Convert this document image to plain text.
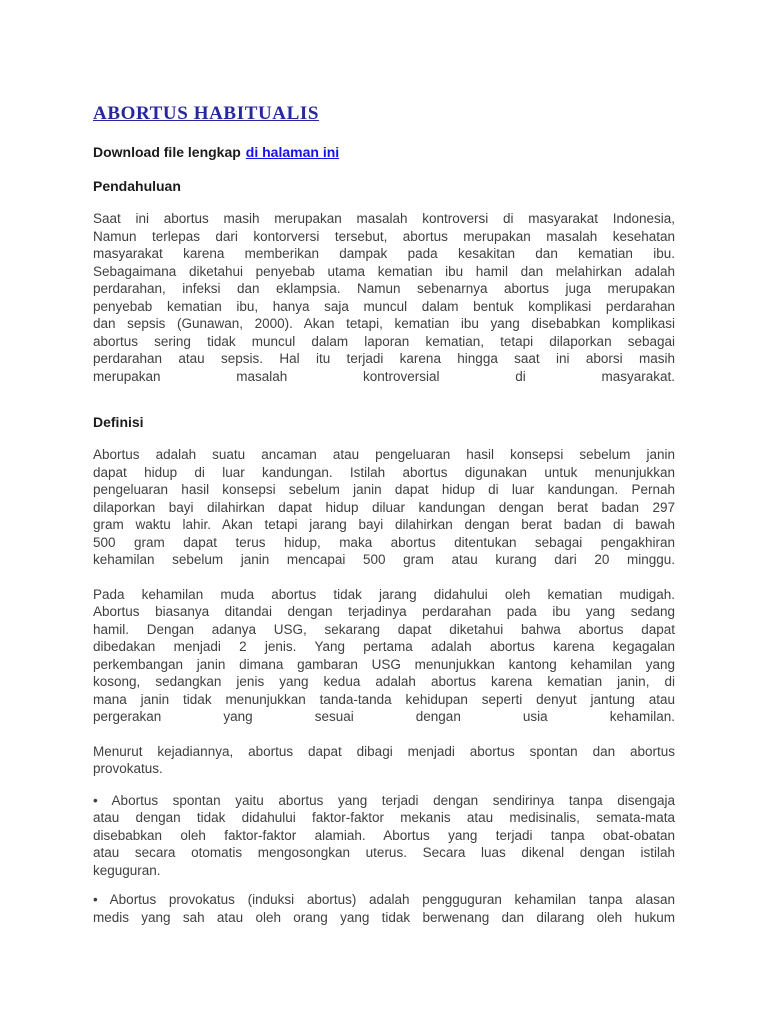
ABORTUS HABITUALIS

Download file lengkap di halaman ini

Pendahuluan
Saat ini abortus masih merupakan masalah kontroversi di masyarakat Indonesia,
Namun terlepas dari kontorversi tersebut, abortus merupakan masalah kesehatan
masyarakat karena memberikan dampak pada kesakitan dan kematian ibu.
Sebagaimana diketahui penyebab utama kematian ibu hamil dan melahirkan adalah
perdarahan, infeksi dan eklampsia. Namun sebenarnya abortus juga merupakan
penyebab kematian ibu, hanya saja muncul dalam bentuk komplikasi perdarahan
dan sepsis (Gunawan, 2000). Akan tetapi, kematian ibu yang disebabkan komplikasi
abortus sering tidak muncul dalam laporan kematian, tetapi dilaporkan sebagai
perdarahan atau sepsis. Hal itu terjadi karena hingga saat ini aborsi masih
merupakan masalah kontroversial di masyarakat.
Definisi
Abortus adalah suatu ancaman atau pengeluaran hasil konsepsi sebelum janin
dapat hidup di luar kandungan. Istilah abortus digunakan untuk menunjukkan
pengeluaran hasil konsepsi sebelum janin dapat hidup di luar kandungan. Pernah
dilaporkan bayi dilahirkan dapat hidup diluar kandungan dengan berat badan 297
gram waktu lahir. Akan tetapi jarang bayi dilahirkan dengan berat badan di bawah
500 gram dapat terus hidup, maka abortus ditentukan sebagai pengakhiran
kehamilan sebelum janin mencapai 500 gram atau kurang dari 20 minggu.
Pada kehamilan muda abortus tidak jarang didahului oleh kematian mudigah.
Abortus biasanya ditandai dengan terjadinya perdarahan pada ibu yang sedang
hamil. Dengan adanya USG, sekarang dapat diketahui bahwa abortus dapat
dibedakan menjadi 2 jenis. Yang pertama adalah abortus karena kegagalan
perkembangan janin dimana gambaran USG menunjukkan kantong kehamilan yang
kosong, sedangkan jenis yang kedua adalah abortus karena kematian janin, di
mana janin tidak menunjukkan tanda-tanda kehidupan seperti denyut jantung atau
pergerakan yang sesuai dengan usia kehamilan.
Menurut kejadiannya, abortus dapat dibagi menjadi abortus spontan dan abortus
provokatus.
• Abortus spontan yaitu abortus yang terjadi dengan sendirinya tanpa disengaja
atau dengan tidak didahului faktor-faktor mekanis atau medisinalis, semata-mata
disebabkan oleh faktor-faktor alamiah. Abortus yang terjadi tanpa obat-obatan
atau secara otomatis mengosongkan uterus. Secara luas dikenal dengan istilah
keguguran.
• Abortus provokatus (induksi abortus) adalah pengguguran kehamilan tanpa alasan
medis yang sah atau oleh orang yang tidak berwenang dan dilarang oleh hukum
